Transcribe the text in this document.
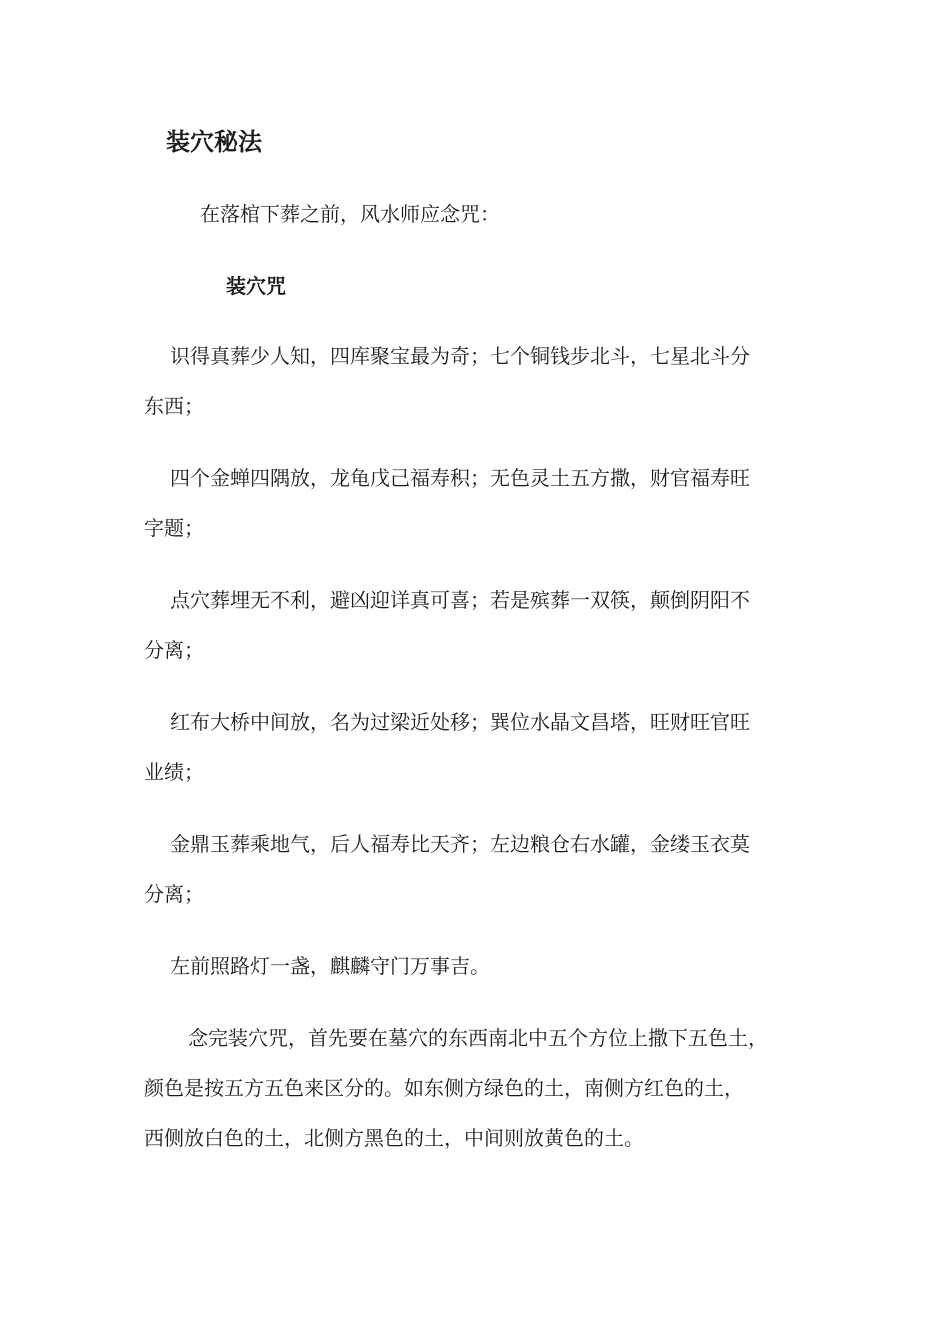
装穴秘法

在落棺下葬之前，风水师应念咒：

装穴咒

识得真葬少人知，四库聚宝最为奇；七个铜钱步北斗，七星北斗分
东西；

四个金蝉四隅放，龙龟戊己福寿积；无色灵土五方撒，财官福寿旺
字题；

点穴葬埋无不利，避凶迎详真可喜；若是殡葬一双筷，颠倒阴阳不
分离；

红布大桥中间放，名为过梁近处移；巽位水晶文昌塔，旺财旺官旺
业绩；

金鼎玉葬乘地气，后人福寿比天齐；左边粮仓右水罐，金缕玉衣莫
分离；

左前照路灯一盏，麒麟守门万事吉。

念完装穴咒，首先要在墓穴的东西南北中五个方位上撒下五色土，
颜色是按五方五色来区分的。如东侧方绿色的土，南侧方红色的土，
西侧放白色的土，北侧方黑色的土，中间则放黄色的土。
